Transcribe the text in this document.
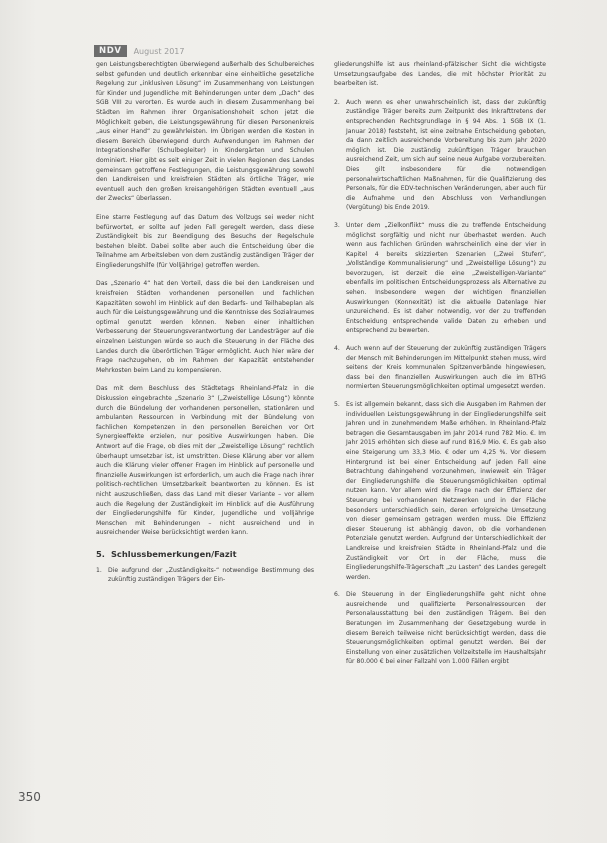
NDV	August 2017

gen Leistungsberechtigten überwiegend außerhalb des Schulbereiches selbst gefunden und deutlich erkennbar eine einheitliche gesetzliche Regelung zur „inklusiven Lösung“ im Zusammenhang von Leistungen für Kinder und Jugendliche mit Behinderungen unter dem „Dach“ des SGB VIII zu verorten. Es wurde auch in diesem Zusammenhang bei Städten im Rahmen ihrer Organisationshoheit schon jetzt die Möglichkeit geben, die Leistungsgewährung für diesen Personenkreis „aus einer Hand“ zu gewährleisten. Im Übrigen werden die Kosten in diesem Bereich überwiegend durch Aufwendungen im Rahmen der Integrationshelfer (Schulbegleiter) in Kindergärten und Schulen dominiert. Hier gibt es seit einiger Zeit in vielen Regionen des Landes gemeinsam getroffene Festlegungen, die Leistungsgewährung sowohl den Landkreisen und kreisfreien Städten als örtliche Träger, wie eventuell auch den großen kreisangehörigen Städten eventuell „aus der Zwecks“ überlassen.

Eine starre Festlegung auf das Datum des Vollzugs sei weder nicht befürwortet, er sollte auf jeden Fall geregelt werden, dass diese Zuständigkeit bis zur Beendigung des Besuchs der Regelschule bestehen bleibt. Dabei sollte aber auch die Entscheidung über die Teilnahme am Arbeitsleben von dem zuständig zuständigen Träger der Eingliederungshilfe (für Volljährige) getroffen werden.

Das „Szenario 4“ hat den Vorteil, dass die bei den Landkreisen und kreisfreien Städten vorhandenen personellen und fachlichen Kapazitäten sowohl im Hinblick auf den Bedarfs- und Teilhabeplan als auch für die Leistungsgewährung und die Kenntnisse des Sozialraumes optimal genutzt werden können. Neben einer inhaltlichen Verbesserung der Steuerungsverantwortung der Landesträger auf die einzelnen Leistungen würde so auch die Steuerung in der Fläche des Landes durch die überörtlichen Träger ermöglicht. Auch hier wäre der Frage nachzugehen, ob im Rahmen der Kapazität entstehender Mehrkosten beim Land zu kompensieren.

Das mit dem Beschluss des Städtetags Rheinland-Pfalz in die Diskussion eingebrachte „Szenario 3“ („Zweistellige Lösung“) könnte durch die Bündelung der vorhandenen personellen, stationären und ambulanten Ressourcen in Verbindung mit der Bündelung von fachlichen Kompetenzen in den personellen Bereichen vor Ort Synergieeffekte erzielen, nur positive Auswirkungen haben. Die Antwort auf die Frage, ob dies mit der „Zweistellige Lösung“ rechtlich überhaupt umsetzbar ist, ist umstritten. Diese Klärung aber vor allem auch die Klärung vieler offener Fragen im Hinblick auf personelle und finanzielle Auswirkungen ist erforderlich, um auch die Frage nach ihrer politisch-rechtlichen Umsetzbarkeit beantworten zu können. Es ist nicht auszuschließen, dass das Land mit dieser Variante – vor allem auch die Regelung der Zuständigkeit im Hinblick auf die Ausführung der Eingliederungshilfe für Kinder, Jugendliche und volljährige Menschen mit Behinderungen – nicht ausreichend und in ausreichender Weise berücksichtigt werden kann.

5. Schlussbemerkungen/Fazit
1. Die aufgrund der „Zuständigkeits-“ notwendige Bestimmung des zukünftig zuständigen Trägers der Ein-

gliederungshilfe ist aus rheinland-pfälzischer Sicht die wichtigste Umsetzungsaufgabe des Landes, die mit höchster Priorität zu bearbeiten ist.

2. Auch wenn es eher unwahrscheinlich ist, dass der zukünftig zuständige Träger bereits zum Zeitpunkt des Inkrafttretens der entsprechenden Rechtsgrundlage in § 94 Abs. 1 SGB IX (1. Januar 2018) feststeht, ist eine zeitnahe Entscheidung geboten, da dann zeitlich ausreichende Vorbereitung bis zum Jahr 2020 möglich ist. Die zuständig zukünftigen Träger brauchen ausreichend Zeit, um sich auf seine neue Aufgabe vorzubereiten. Dies gilt insbesondere für die notwendigen personalwirtschaftlichen Maßnahmen, für die Qualifizierung des Personals, für die EDV-technischen Veränderungen, aber auch für die Aufnahme und den Abschluss von Verhandlungen (Vergütung) bis Ende 2019.
3. Unter dem „Zielkonflikt“ muss die zu treffende Entscheidung möglichst sorgfältig und nicht nur überhastet werden. Auch wenn aus fachlichen Gründen wahrscheinlich eine der vier in Kapitel 4 bereits skizzierten Szenarien („Zwei Stufen“, „Vollständige Kommunalisierung“ und „Zweistellige Lösung“) zu bevorzugen, ist derzeit die eine „Zweistelligen-Variante“ ebenfalls im politischen Entscheidungsprozess als Alternative zu sehen. Insbesondere wegen der wichtigen finanziellen Auswirkungen (Konnexität) ist die aktuelle Datenlage hier unzureichend. Es ist daher notwendig, vor der zu treffenden Entscheidung entsprechende valide Daten zu erheben und entsprechend zu bewerten.
4. Auch wenn auf der Steuerung der zukünftig zuständigen Trägers der Mensch mit Behinderungen im Mittelpunkt stehen muss, wird seitens der Kreis kommunalen Spitzenverbände hingewiesen, dass bei den finanziellen Auswirkungen auch die im BTHG normierten Steuerungsmöglichkeiten optimal umgesetzt werden.
5. Es ist allgemein bekannt, dass sich die Ausgaben im Rahmen der individuellen Leistungsgewährung in der Eingliederungshilfe seit Jahren und in zunehmendem Maße erhöhen. In Rheinland-Pfalz betragen die Gesamtausgaben im Jahr 2014 rund 782 Mio. €. Im Jahr 2015 erhöhten sich diese auf rund 816,9 Mio. €. Es gab also eine Steigerung um 33,3 Mio. € oder um 4,25 %. Vor diesem Hintergrund ist bei einer Entscheidung auf jeden Fall eine Betrachtung dahingehend vorzunehmen, inwieweit ein Träger der Eingliederungshilfe die Steuerungsmöglichkeiten optimal nutzen kann. Vor allem wird die Frage nach der Effizienz der Steuerung bei vorhandenen Netzwerken und in der Fläche besonders unterschiedlich sein, deren erfolgreiche Umsetzung von dieser gemeinsam getragen werden muss. Die Effizienz dieser Steuerung ist abhängig davon, ob die vorhandenen Potenziale genutzt werden. Aufgrund der Unterschiedlichkeit der Landkreise und kreisfreien Städte in Rheinland-Pfalz und die Zuständigkeit vor Ort in der Fläche, muss die Eingliederungshilfe-Trägerschaft „zu Lasten“ des Landes geregelt werden.
6. Die Steuerung in der Eingliederungshilfe geht nicht ohne ausreichende und qualifizierte Personalressourcen der Personalausstattung bei den zuständigen Trägern. Bei den Beratungen im Zusammenhang der Gesetzgebung wurde in diesem Bereich teilweise nicht berücksichtigt werden, dass die Steuerungsmöglichkeiten optimal genutzt werden. Bei der Einstellung von einer zusätzlichen Vollzeitstelle im Haushaltsjahr für 80.000 € bei einer Fallzahl von 1.000 Fällen ergibt
350
